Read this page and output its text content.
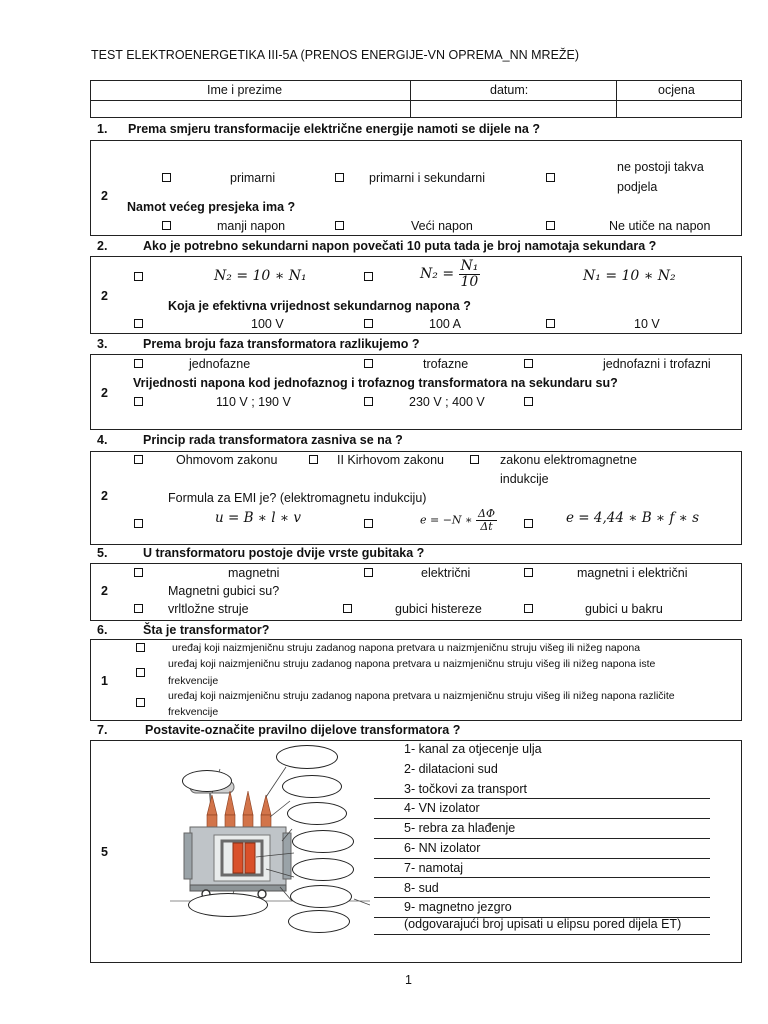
TEST ELEKTROENERGETIKA III-5A (PRENOS ENERGIJE-VN OPREMA_NN MREŽE)
Ime i prezime	datum:	ocjena
1. Prema smjeru transformacije električne energije namoti se dijele na ?
2
primarni	primarni i sekundarni
ne postoji takva
podjela
Namot većeg presjeka ima ?
manji napon	Veći napon	Ne utiče na napon
2.	Ako je potrebno sekundarni napon povečati 10 puta tada je broj namotaja sekundara ?
2
N₂ = 10 ∗ N₁	$N_2 = \frac{\text{N₁}}{10}$	N₁ = 10 ∗ N₂
Koja je efektivna vrijednost sekundarnog napona ?
100 V	100 A	10 V
3.	Prema broju faza transformatora razlikujemo ?
2
jednofazne	trofazne	jednofazni i trofazni
Vrijednosti napona kod jednofaznog i trofaznog transformatora na sekundaru su?
110 V ; 190 V	230 V ; 400 V
4.	Princip rada transformatora zasniva se na ?
2
Ohmovom zakonu	II Kirhovom zakonu	zakonu elektromagnetne
indukcije
Formula za EMI je? (elektromagnetu indukciju)
u = B ∗ l ∗ v	e = −N ∗ $\frac{\Delta\Phi}{\Delta t}$	e = 4,44 ∗ B ∗ f ∗ s
5.	U transformatoru postoje dvije vrste gubitaka ?
2
magnetni	električni	magnetni i električni
Magnetni gubici su?
vrltložne struje	gubici histereze	gubici u bakru
6.	Šta je transformator?
1
uređaj koji naizmjeničnu struju zadanog napona pretvara u naizmjeničnu struju višeg ili nižeg napona
uređaj koji naizmjeničnu struju zadanog napona pretvara u naizmjeničnu struju višeg ili nižeg napona iste
frekvencije
uređaj koji naizmjeničnu struju zadanog napona pretvara u naizmjeničnu struju višeg ili nižeg napona različite
frekvencije
7.	Postavite-označite pravilno dijelove transformatora ?
5
1- kanal za otjecenje ulja
2- dilatacioni sud
3- točkovi za transport
4- VN izolator
5- rebra za hlađenje
6- NN izolator
7- namotaj
8- sud
9- magnetno jezgro
(odgovarajući broj upisati u elipsu pored dijela ET)
1
